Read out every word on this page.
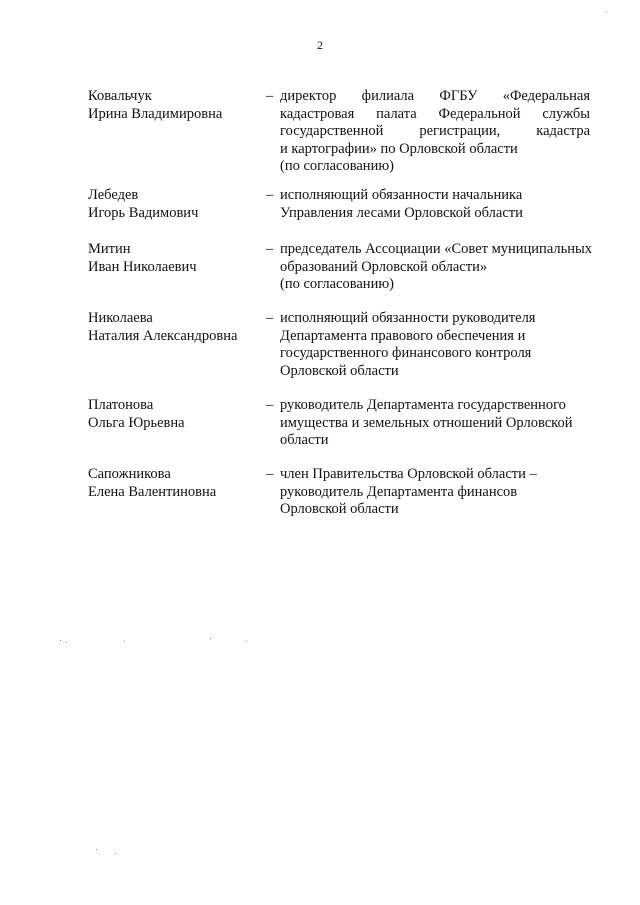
2
Ковальчук
Ирина Владимировна
– директор филиала ФГБУ «Федеральная
кадастровая палата Федеральной службы
государственной регистрации, кадастра
и картографии» по Орловской области
(по согласованию)
Лебедев
Игорь Вадимович
– исполняющий обязанности начальника
Управления лесами Орловской области
Митин
Иван Николаевич
– председатель Ассоциации «Совет муниципальных
образований Орловской области»
(по согласованию)
Николаева
Наталия Александровна
– исполняющий обязанности руководителя
Департамента правового обеспечения и
государственного финансового контроля
Орловской области
Платонова
Ольга Юрьевна
– руководитель Департамента государственного
имущества и земельных отношений Орловской
области
Сапожникова
Елена Валентиновна
– член Правительства Орловской области –
руководитель Департамента финансов
Орловской области
